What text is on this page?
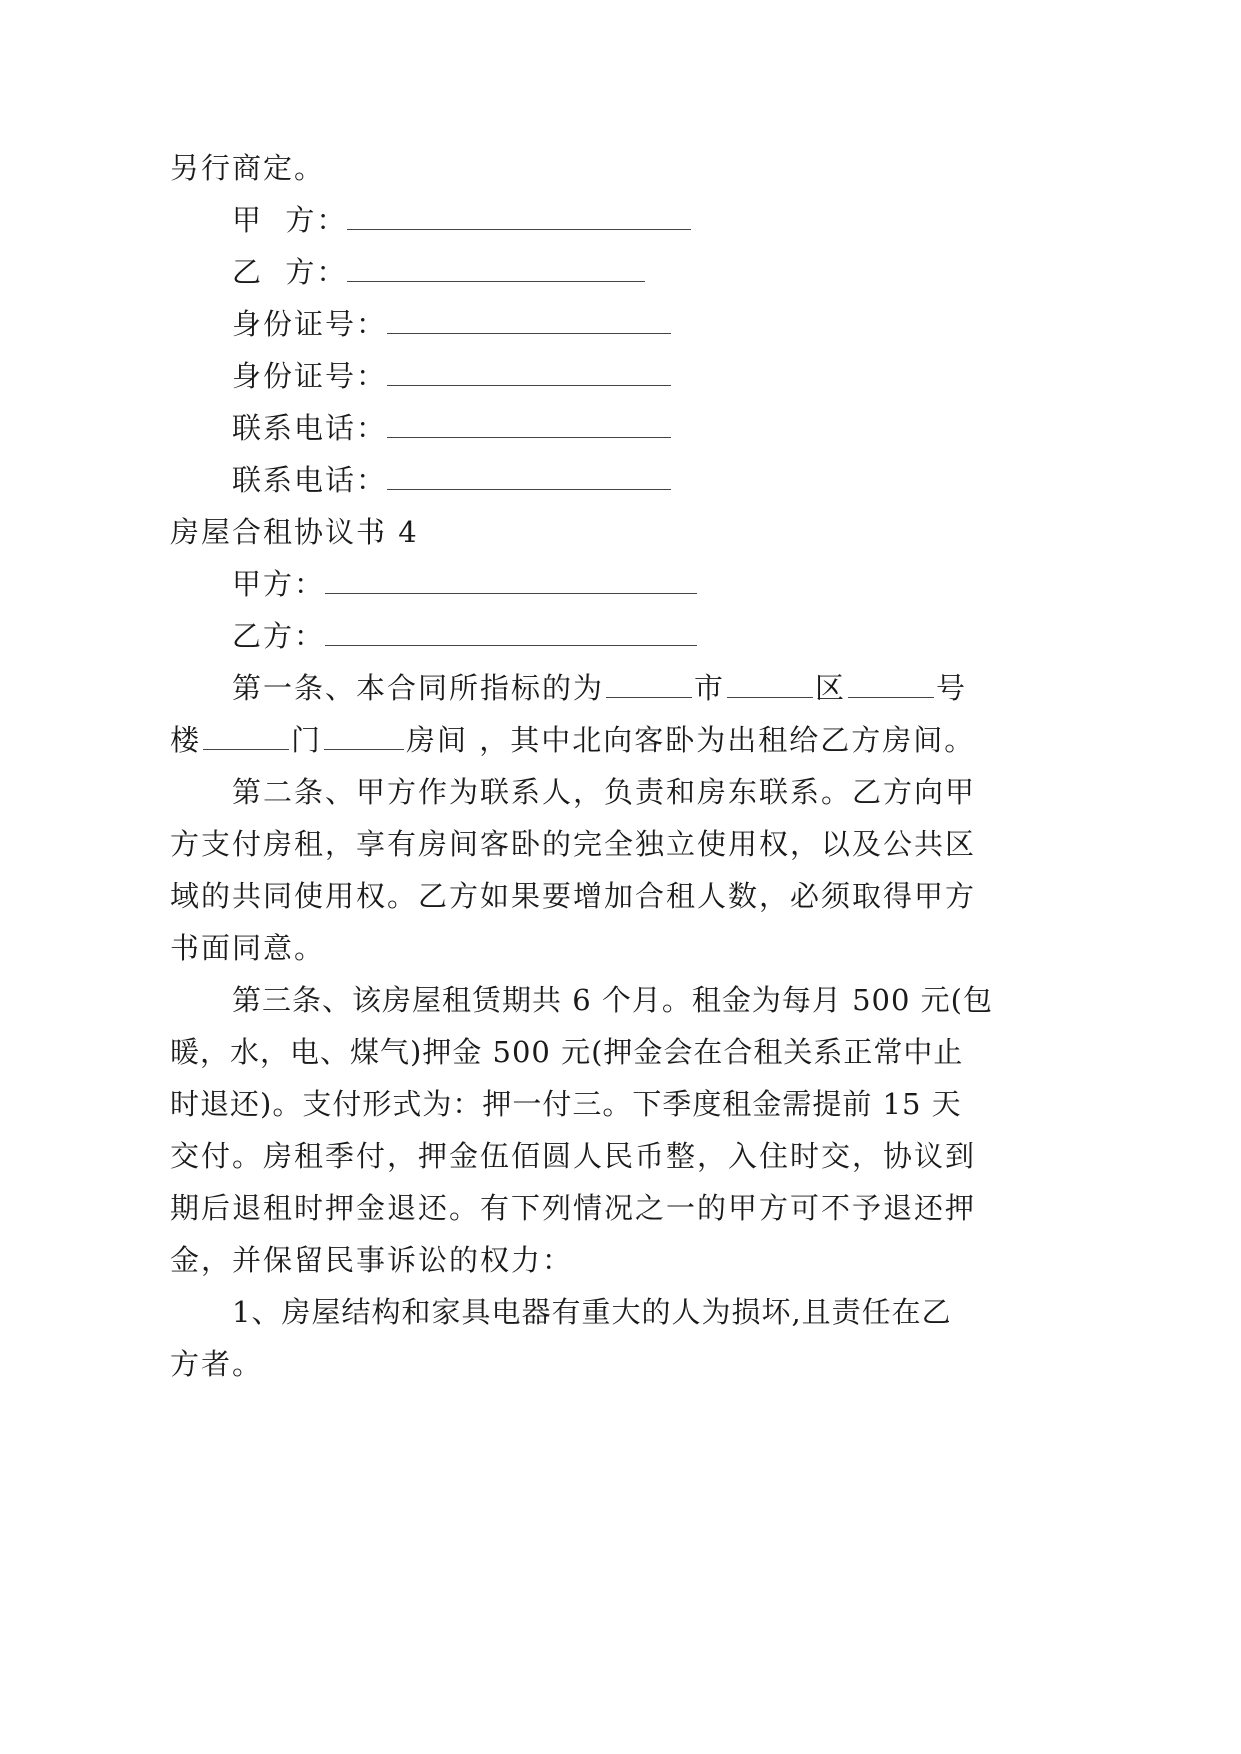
另行商定。
甲  方：
乙  方：
身份证号：
身份证号：
联系电话：
联系电话：
房屋合租协议书 4
甲方：
乙方：
第一条、本合同所指标的为	市	区	号
楼	门	房间 ，其中北向客卧为出租给乙方房间。
第二条、甲方作为联系人，负责和房东联系。乙方向甲
方支付房租，享有房间客卧的完全独立使用权，以及公共区
域的共同使用权。乙方如果要增加合租人数，必须取得甲方
书面同意。
第三条、该房屋租赁期共 6 个月。租金为每月 500 元(包
暖，水，电、煤气)押金 500 元(押金会在合租关系正常中止
时退还)。支付形式为：押一付三。下季度租金需提前 15 天
交付。房租季付，押金伍佰圆人民币整，入住时交，协议到
期后退租时押金退还。有下列情况之一的甲方可不予退还押
金，并保留民事诉讼的权力：
1、房屋结构和家具电器有重大的人为损坏,且责任在乙
方者。
